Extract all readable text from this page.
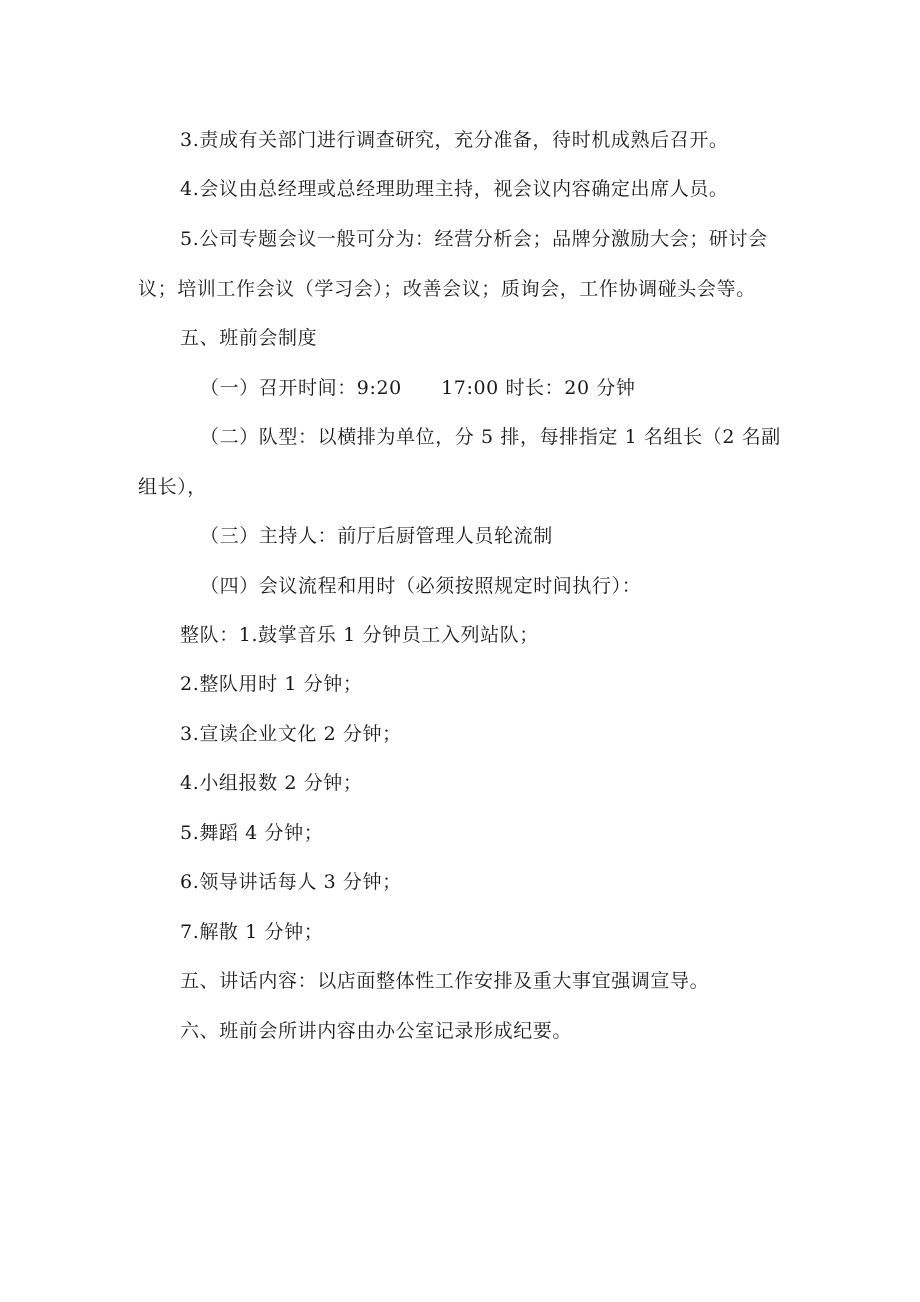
3.责成有关部门进行调查研究，充分准备，待时机成熟后召开。
4.会议由总经理或总经理助理主持，视会议内容确定出席人员。
5.公司专题会议一般可分为：经营分析会；品牌分激励大会；研讨会
议；培训工作会议（学习会）；改善会议；质询会，工作协调碰头会等。
五、班前会制度
（一）召开时间：9:20　　17:00 时长：20 分钟
（二）队型：以横排为单位，分 5 排，每排指定 1 名组长（2 名副
组长），
（三）主持人：前厅后厨管理人员轮流制
（四）会议流程和用时（必须按照规定时间执行）：
整队：1.鼓掌音乐 1 分钟员工入列站队；
2.整队用时 1 分钟；
3.宣读企业文化 2 分钟；
4.小组报数 2 分钟；
5.舞蹈 4 分钟；
6.领导讲话每人 3 分钟；
7.解散 1 分钟；
五、讲话内容：以店面整体性工作安排及重大事宜强调宣导。
六、班前会所讲内容由办公室记录形成纪要。
